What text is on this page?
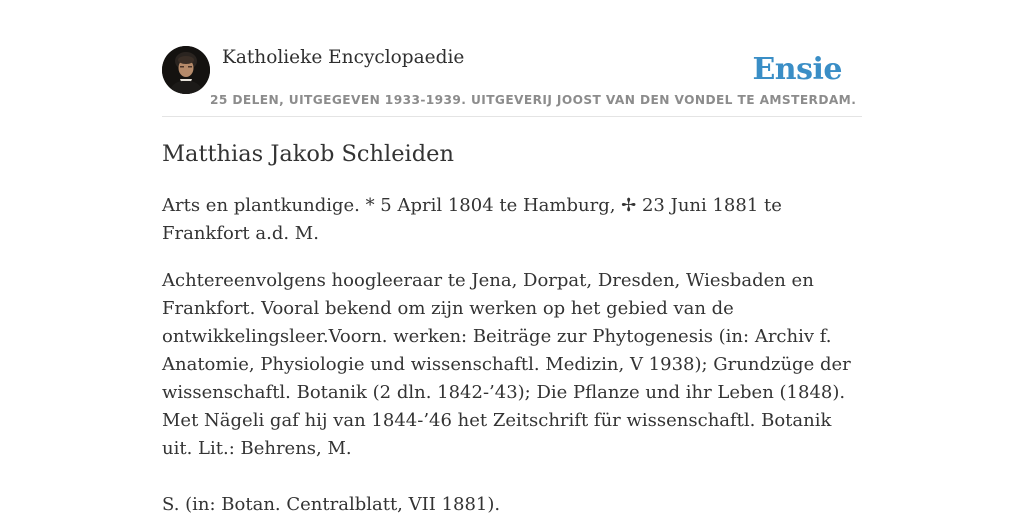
Katholieke Encyclopaedie
25 DELEN, UITGEGEVEN 1933-1939. UITGEVERIJ JOOST VAN DEN VONDEL TE AMSTERDAM.
Ensie
Matthias Jakob Schleiden

Arts en plantkundige. * 5 April 1804 te Hamburg, ✢ 23 Juni 1881 te Frankfort a.d. M.

Achtereenvolgens hoogleeraar te Jena, Dorpat, Dresden, Wiesbaden en Frankfort. Vooral bekend om zijn werken op het gebied van de ontwikkelingsleer.Voorn. werken: Beiträge zur Phytogenesis (in: Archiv f. Anatomie, Physiologie und wissenschaftl. Medizin, V 1938); Grundzüge der wissenschaftl. Botanik (2 dln. 1842-’43); Die Pflanze und ihr Leben (1848). Met Nägeli gaf hij van 1844-’46 het Zeitschrift für wissenschaftl. Botanik uit. Lit.: Behrens, M.

S. (in: Botan. Centralblatt, VII 1881).
